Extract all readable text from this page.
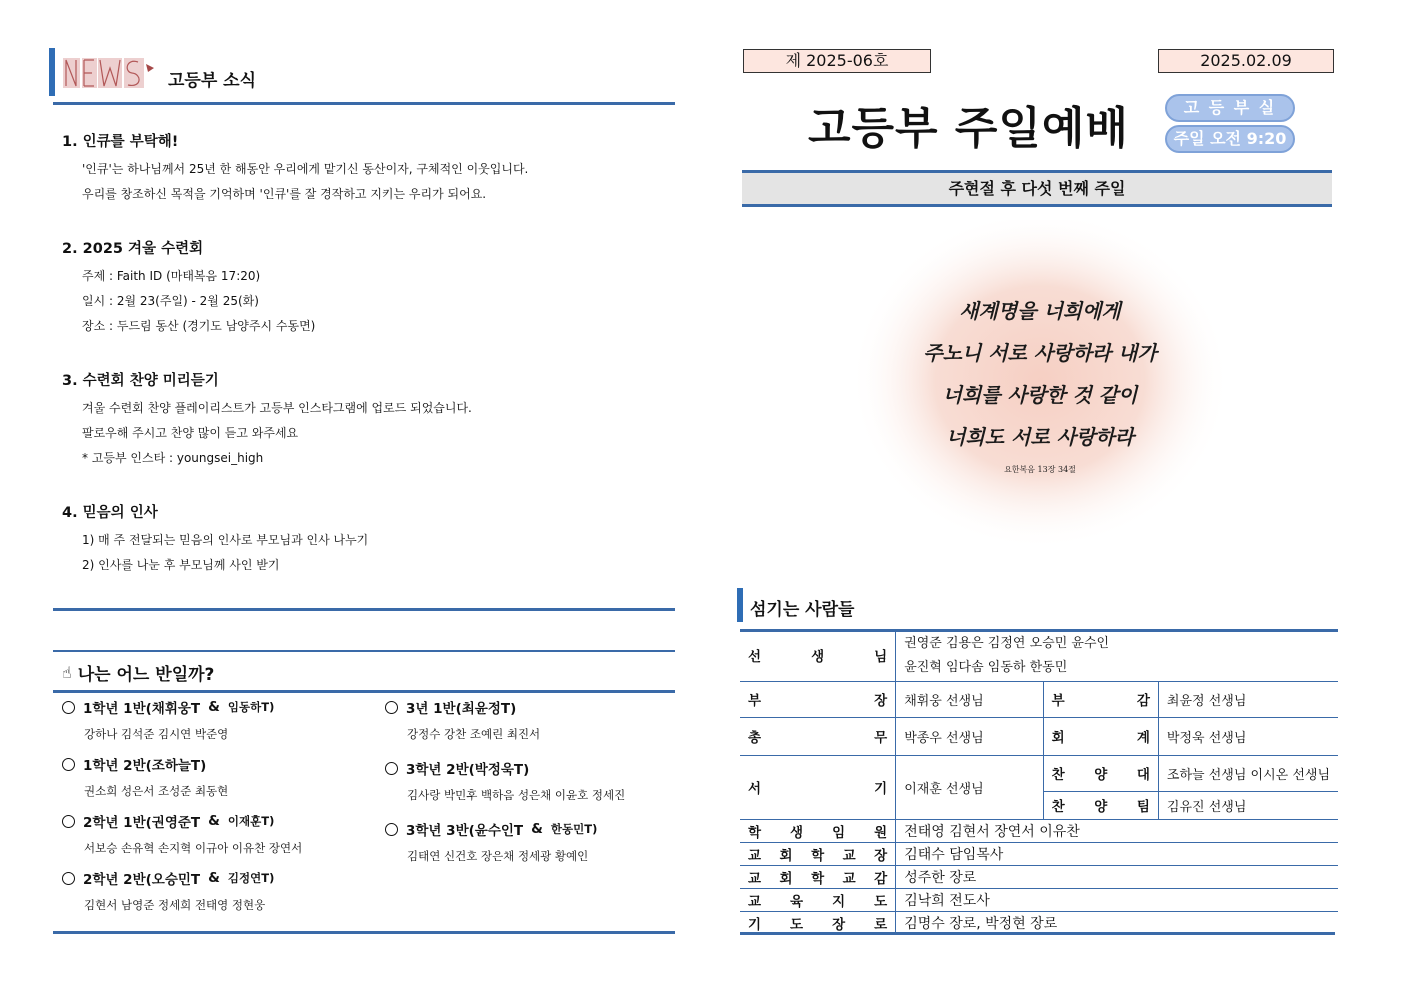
고등부 소식
1. 인큐를 부탁해!
'인큐'는 하나님께서 25년 한 해동안 우리에게 맡기신 동산이자, 구체적인 이웃입니다.
우리를 창조하신 목적을 기억하며 '인큐'를 잘 경작하고 지키는 우리가 되어요.
2. 2025 겨울 수련회
주제 : Faith ID (마태복음 17:20)
일시 : 2월 23(주일) - 2월 25(화)
장소 : 두드림 동산 (경기도 남양주시 수동면)
3. 수련회 찬양 미리듣기
겨울 수련회 찬양 플레이리스트가 고등부 인스타그램에 업로드 되었습니다.
팔로우해 주시고 찬양 많이 듣고 와주세요
* 고등부 인스타 : youngsei_high
4. 믿음의 인사
1) 매 주 전달되는 믿음의 인사로 부모님과 인사 나누기
2) 인사를 나눈 후 부모님께 사인 받기
☝ 나는 어느 반일까?
1학년 1반(채휘웅T & 임동하T)
강하나 김석준 김시연 박준영
1학년 2반(조하늘T)
권소희 성은서 조성준 최동현
2학년 1반(권영준T & 이재훈T)
서보승 손유혁 손지혁 이규아 이유찬 장연서
2학년 2반(오승민T & 김정연T)
김현서 남영준 정세희 전태영 정현웅
3년 1반(최윤정T)
강정수 강찬 조예린 최진서
3학년 2반(박정욱T)
김사랑 박민후 백하음 성은채 이윤호 정세진
3학년 3반(윤수인T & 한동민T)
김태연 신건호 장은채 정세광 황예인
제 2025-06호	2025.02.09
고등부 주일예배	고 등 부 실
주일 오전 9:20
주현절 후 다섯 번째 주일
새계명을 너희에게
주노니 서로 사랑하라 내가
너희를 사랑한 것 같이
너희도 서로 사랑하라
요한복음 13장 34절
섬기는 사람들
선 생 님	권영준 김용은 김정연 오승민 윤수인
윤진혁 임다솜 임동하 한동민		

부 장	채휘웅 선생님	부 감	최윤정 선생님
총 무	박종우 선생님	회 계	박정욱 선생님
서 기	이재훈 선생님	찬 양 대	조하늘 선생님 이시온 선생님
		찬 양 팀	김유진 선생님
학 생 임 원	전태영 김현서 장연서 이유찬		
교 회 학 교 장	김태수 담임목사		
교 회 학 교 감	성주한 장로		
교 육 지 도	김낙희 전도사		
기 도 장 로	김명수 장로, 박정현 장로		
